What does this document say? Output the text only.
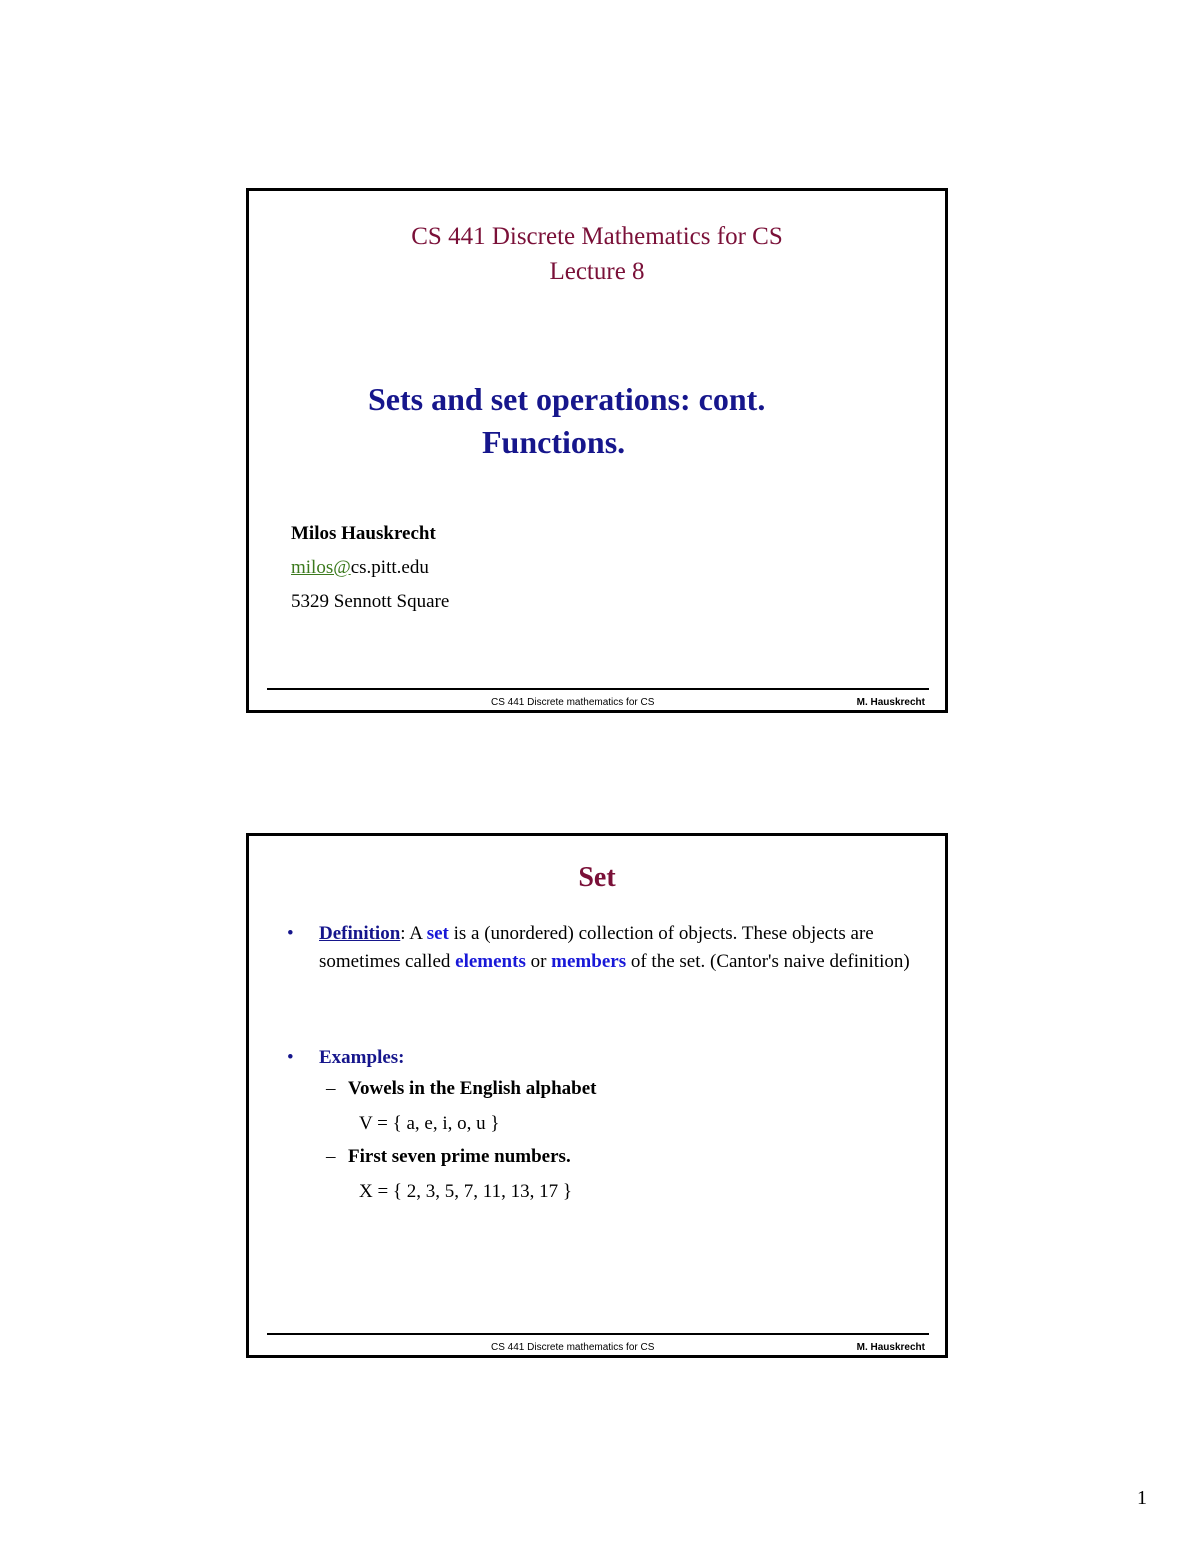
CS 441 Discrete Mathematics for CS
Lecture 8
Sets and set operations: cont.
Functions.
Milos Hauskrecht
milos@cs.pitt.edu
5329 Sennott Square
CS 441 Discrete mathematics for CS	M. Hauskrecht
Set
• Definition: A set is a (unordered) collection of objects. These objects are sometimes called elements or members of the set. (Cantor's naive definition)
• Examples:
– Vowels in the English alphabet
V = { a, e, i, o, u }
– First seven prime numbers.
X = { 2, 3, 5, 7, 11, 13, 17 }
CS 441 Discrete mathematics for CS	M. Hauskrecht
1
